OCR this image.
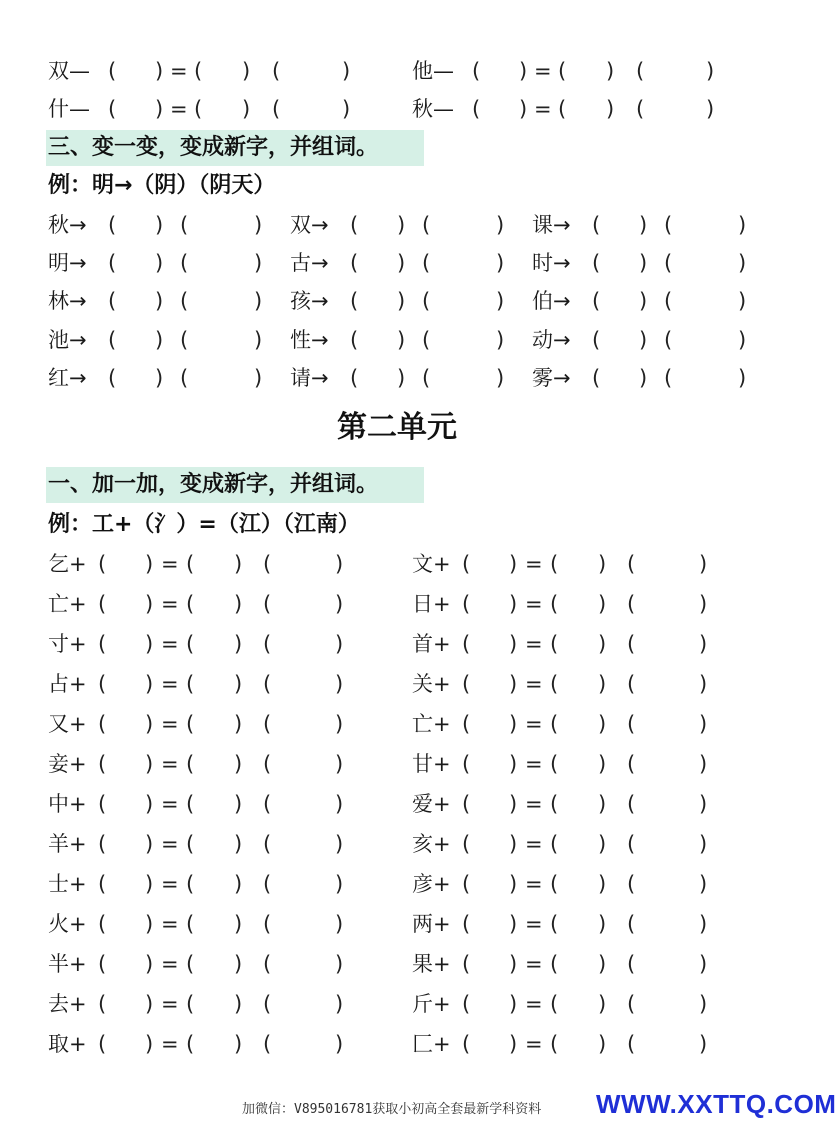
双— ( ) = ( ) (	)	他— ( ) = ( ) (	)
什— ( ) = ( ) (	)	秋— ( ) = ( ) (	)
三、变一变，变成新字，并组词。
例：明→（阴）（阴天）
秋→ ( ) (	) 双→ ( ) (	) 课→ ( ) (	)
明→ ( ) (	) 古→ ( ) (	) 时→ ( ) (	)
林→ ( ) (	) 孩→ ( ) (	) 伯→ ( ) (	)
池→ ( ) (	) 性→ ( ) (	) 动→ ( ) (	)
红→ ( ) (	) 请→ ( ) (	) 雾→ ( ) (	)
第二单元
一、加一加，变成新字，并组词。
例：工+（氵）=（江）（江南）
乞+ ( ) = ( ) (	)	文+ ( ) = ( ) (	)
亡+ ( ) = ( ) (	)	日+ ( ) = ( ) (	)
寸+ ( ) = ( ) (	)	首+ ( ) = ( ) (	)
占+ ( ) = ( ) (	)	关+ ( ) = ( ) (	)
又+ ( ) = ( ) (	)	亡+ ( ) = ( ) (	)
妾+ ( ) = ( ) (	)	甘+ ( ) = ( ) (	)
中+ ( ) = ( ) (	)	爱+ ( ) = ( ) (	)
羊+ ( ) = ( ) (	)	亥+ ( ) = ( ) (	)
士+ ( ) = ( ) (	)	彦+ ( ) = ( ) (	)
火+ ( ) = ( ) (	)	两+ ( ) = ( ) (	)
半+ ( ) = ( ) (	)	果+ ( ) = ( ) (	)
去+ ( ) = ( ) (	)	斤+ ( ) = ( ) (	)
取+ ( ) = ( ) (	)	匚+ ( ) = ( ) (	)
加微信：V895016781获取小初高全套最新学科资料 WWW.XXTTQ.COM
